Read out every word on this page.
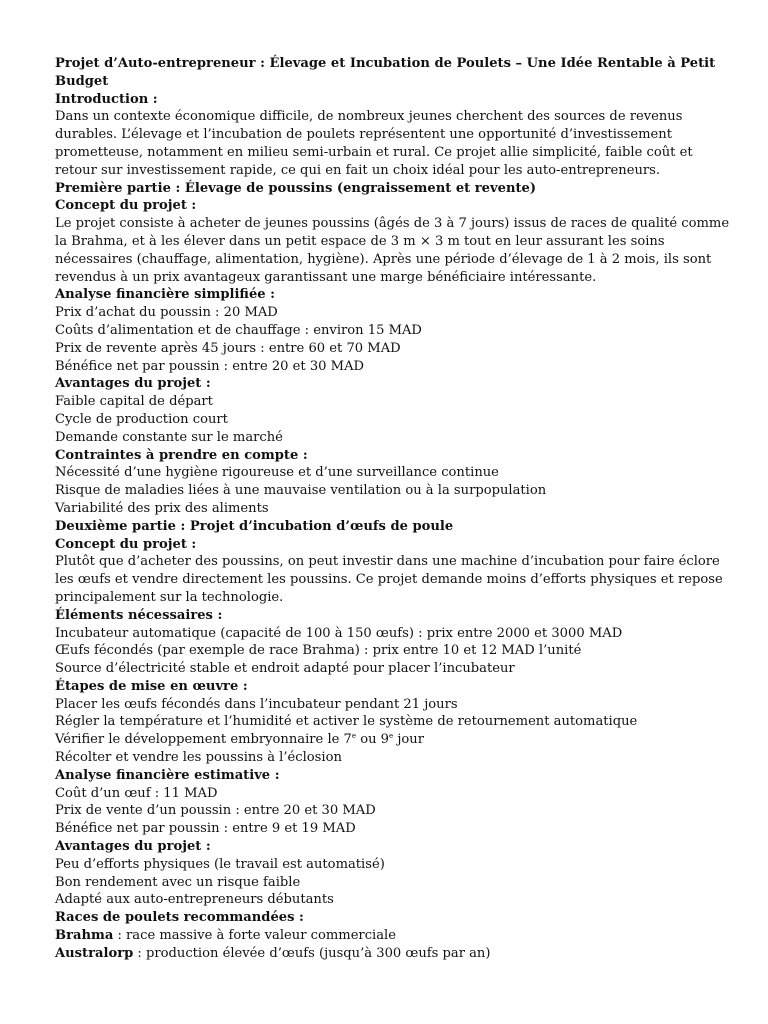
Projet d’Auto-entrepreneur : Élevage et Incubation de Poulets – Une Idée Rentable à Petit Budget
Introduction :
Dans un contexte économique difficile, de nombreux jeunes cherchent des sources de revenus
durables. L’élevage et l’incubation de poulets représentent une opportunité d’investissement
prometteuse, notamment en milieu semi-urbain et rural. Ce projet allie simplicité, faible coût et
retour sur investissement rapide, ce qui en fait un choix idéal pour les auto-entrepreneurs.
Première partie : Élevage de poussins (engraissement et revente)
Concept du projet :
Le projet consiste à acheter de jeunes poussins (âgés de 3 à 7 jours) issus de races de qualité comme
la Brahma, et à les élever dans un petit espace de 3 m × 3 m tout en leur assurant les soins
nécessaires (chauffage, alimentation, hygiène). Après une période d’élevage de 1 à 2 mois, ils sont
revendus à un prix avantageux garantissant une marge bénéficiaire intéressante.
Analyse financière simplifiée :
Prix d’achat du poussin : 20 MAD
Coûts d’alimentation et de chauffage : environ 15 MAD
Prix de revente après 45 jours : entre 60 et 70 MAD
Bénéfice net par poussin : entre 20 et 30 MAD
Avantages du projet :
Faible capital de départ
Cycle de production court
Demande constante sur le marché
Contraintes à prendre en compte :
Nécessité d’une hygiène rigoureuse et d’une surveillance continue
Risque de maladies liées à une mauvaise ventilation ou à la surpopulation
Variabilité des prix des aliments
Deuxième partie : Projet d’incubation d’œufs de poule
Concept du projet :
Plutôt que d’acheter des poussins, on peut investir dans une machine d’incubation pour faire éclore
les œufs et vendre directement les poussins. Ce projet demande moins d’efforts physiques et repose
principalement sur la technologie.
Éléments nécessaires :
Incubateur automatique (capacité de 100 à 150 œufs) : prix entre 2000 et 3000 MAD
Œufs fécondés (par exemple de race Brahma) : prix entre 10 et 12 MAD l’unité
Source d’électricité stable et endroit adapté pour placer l’incubateur
Étapes de mise en œuvre :
Placer les œufs fécondés dans l’incubateur pendant 21 jours
Régler la température et l’humidité et activer le système de retournement automatique
Vérifier le développement embryonnaire le 7e ou 9e jour
Récolter et vendre les poussins à l’éclosion
Analyse financière estimative :
Coût d’un œuf : 11 MAD
Prix de vente d’un poussin : entre 20 et 30 MAD
Bénéfice net par poussin : entre 9 et 19 MAD
Avantages du projet :
Peu d’efforts physiques (le travail est automatisé)
Bon rendement avec un risque faible
Adapté aux auto-entrepreneurs débutants
Races de poulets recommandées :
Brahma : race massive à forte valeur commerciale
Australorp : production élevée d’œufs (jusqu’à 300 œufs par an)
